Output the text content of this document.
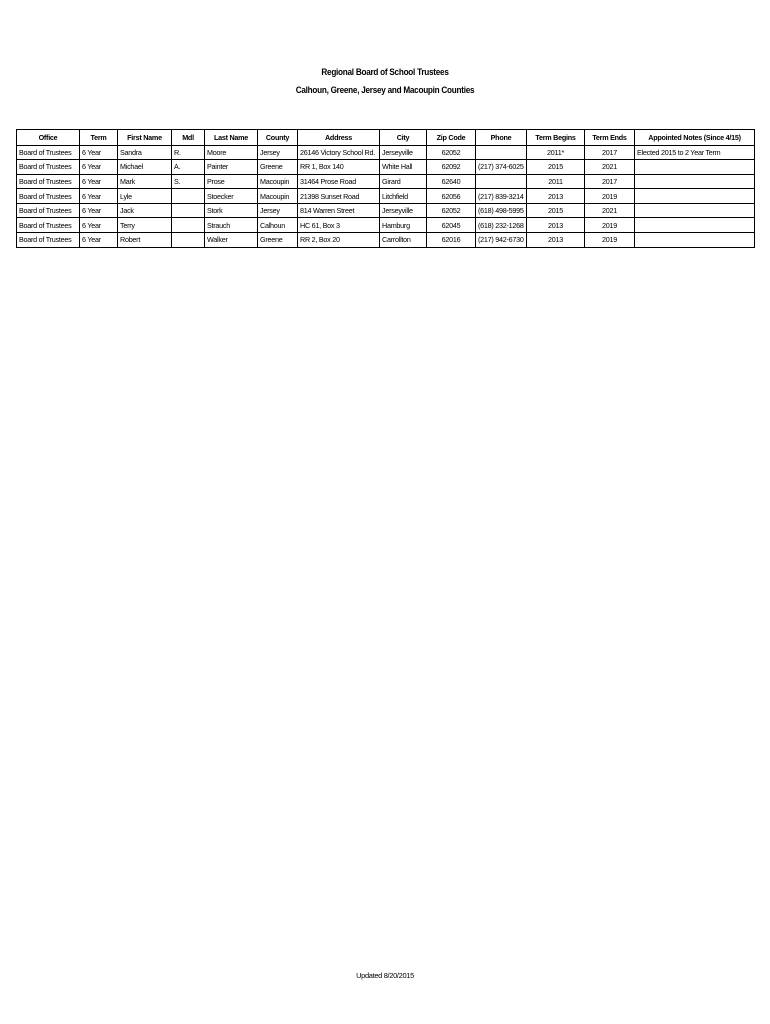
Regional Board of School Trustees
Calhoun, Greene, Jersey and Macoupin Counties
Office	Term	First Name	Mdl	Last Name	County	Address	City	Zip Code	Phone	Term Begins	Term Ends	Appointed Notes (Since 4/15)
Board of Trustees	6 Year	Sandra	R.	Moore	Jersey	26146 Victory School Rd.	Jerseyville	62052		2011*	2017	Elected 2015 to 2 Year Term
Board of Trustees	6 Year	Michael	A.	Painter	Greene	RR 1, Box 140	White Hall	62092	(217) 374-6025	2015	2021	
Board of Trustees	6 Year	Mark	S.	Prose	Macoupin	31464 Prose Road	Girard	62640		2011	2017	
Board of Trustees	6 Year	Lyle		Stoecker	Macoupin	21398 Sunset Road	Litchfield	62056	(217) 839-3214	2013	2019	
Board of Trustees	6 Year	Jack		Stork	Jersey	814 Warren Street	Jerseyville	62052	(618) 498-5995	2015	2021	
Board of Trustees	6 Year	Terry		Strauch	Calhoun	HC 61, Box 3	Hamburg	62045	(618) 232-1268	2013	2019	
Board of Trustees	6 Year	Robert		Walker	Greene	RR 2, Box 20	Carrollton	62016	(217) 942-6730	2013	2019	
Updated 8/20/2015
